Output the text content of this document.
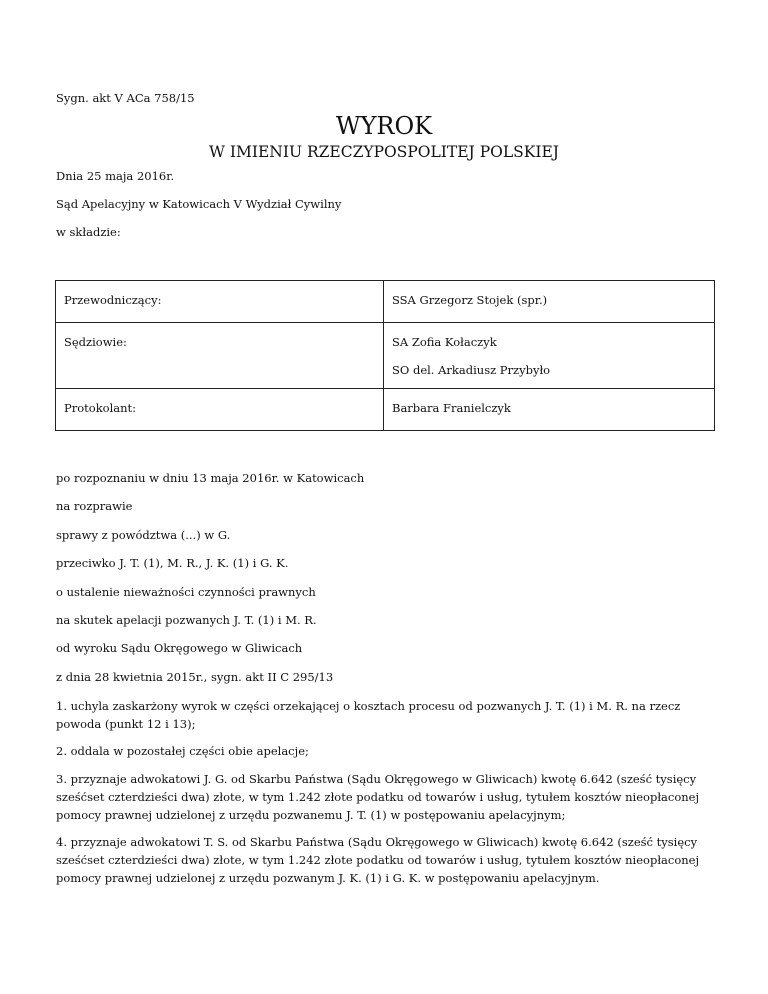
Sygn. akt V ACa 758/15
WYROK
W IMIENIU RZECZYPOSPOLITEJ POLSKIEJ
Dnia 25 maja 2016r.
Sąd Apelacyjny w Katowicach V Wydział Cywilny
w składzie:
Przewodniczący:	SSA Grzegorz Stojek (spr.)

Sędziowie:	SA Zofia Kołaczyk
SO del. Arkadiusz Przybyło

Protokolant:	Barbara Franielczyk
po rozpoznaniu w dniu 13 maja 2016r. w Katowicach
na rozprawie
sprawy z powództwa (...) w G.
przeciwko J. T. (1), M. R., J. K. (1) i G. K.
o ustalenie nieważności czynności prawnych
na skutek apelacji pozwanych J. T. (1) i M. R.
od wyroku Sądu Okręgowego w Gliwicach
z dnia 28 kwietnia 2015r., sygn. akt II C 295/13
1. uchyla zaskarżony wyrok w części orzekającej o kosztach procesu od pozwanych J. T. (1) i M. R. na rzecz powoda (punkt 12 i 13);
2. oddala w pozostałej części obie apelacje;
3. przyznaje adwokatowi J. G. od Skarbu Państwa (Sądu Okręgowego w Gliwicach) kwotę 6.642 (sześć tysięcy sześćset czterdzieści dwa) złote, w tym 1.242 złote podatku od towarów i usług, tytułem kosztów nieopłaconej pomocy prawnej udzielonej z urzędu pozwanemu J. T. (1) w postępowaniu apelacyjnym;
4. przyznaje adwokatowi T. S. od Skarbu Państwa (Sądu Okręgowego w Gliwicach) kwotę 6.642 (sześć tysięcy sześćset czterdzieści dwa) złote, w tym 1.242 złote podatku od towarów i usług, tytułem kosztów nieopłaconej pomocy prawnej udzielonej z urzędu pozwanym J. K. (1) i G. K. w postępowaniu apelacyjnym.
